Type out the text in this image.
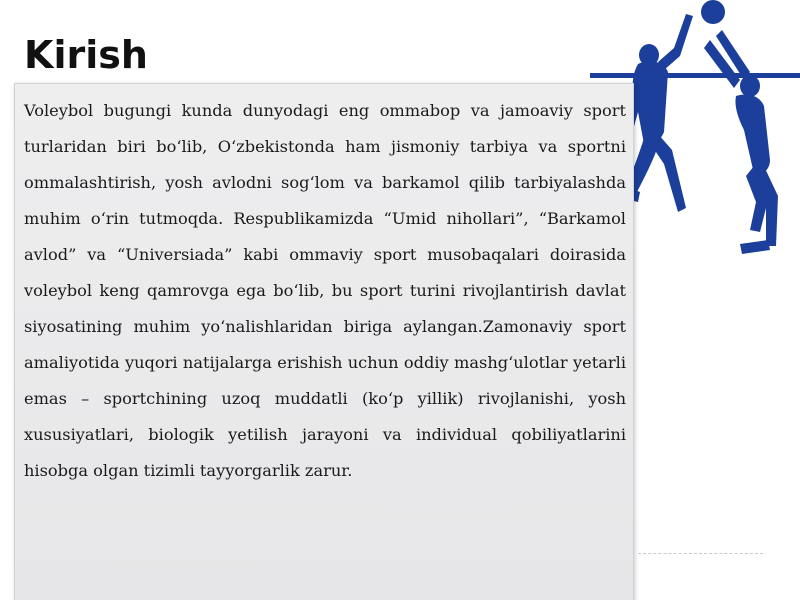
Kirish

Voleybol bugungi kunda dunyodagi eng ommabop va jamoaviy sport turlaridan biri bo‘lib, O‘zbekistonda ham jismoniy tarbiya va sportni ommalashtirish, yosh avlodni sog‘lom va barkamol qilib tarbiyalashda muhim o‘rin tutmoqda. Respublikamizda “Umid nihollari”, “Barkamol avlod” va “Universiada” kabi ommaviy sport musobaqalari doirasida voleybol keng qamrovga ega bo‘lib, bu sport turini rivojlantirish davlat siyosatining muhim yo‘nalishlaridan biriga aylangan.Zamonaviy sport amaliyotida yuqori natijalarga erishish uchun oddiy mashg‘ulotlar yetarli emas – sportchining uzoq muddatli (ko‘p yillik) rivojlanishi, yosh xususiyatlari, biologik yetilish jarayoni va individual qobiliyatlarini hisobga olgan tizimli tayyorgarlik zarur.
